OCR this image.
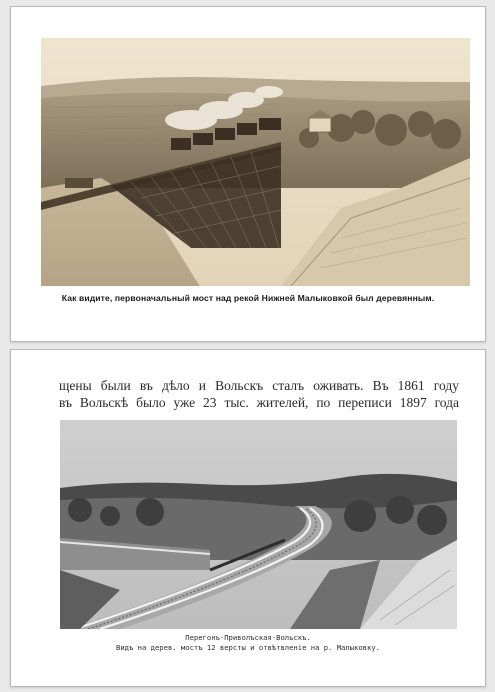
Как видите, первоначальный мост над рекой Нижней Малыковкой был деревянным.
щены были въ дѣло и Вольскъ сталъ оживать. Въ 1861 году
въ Вольскѣ было уже 23 тыс. жителей, по переписи 1897 года
Перегонъ-Приволъская-Вольскъ.
Видъ на дерев. мостъ 12 версты и отвѣтвленіе на р. Малыковку.
